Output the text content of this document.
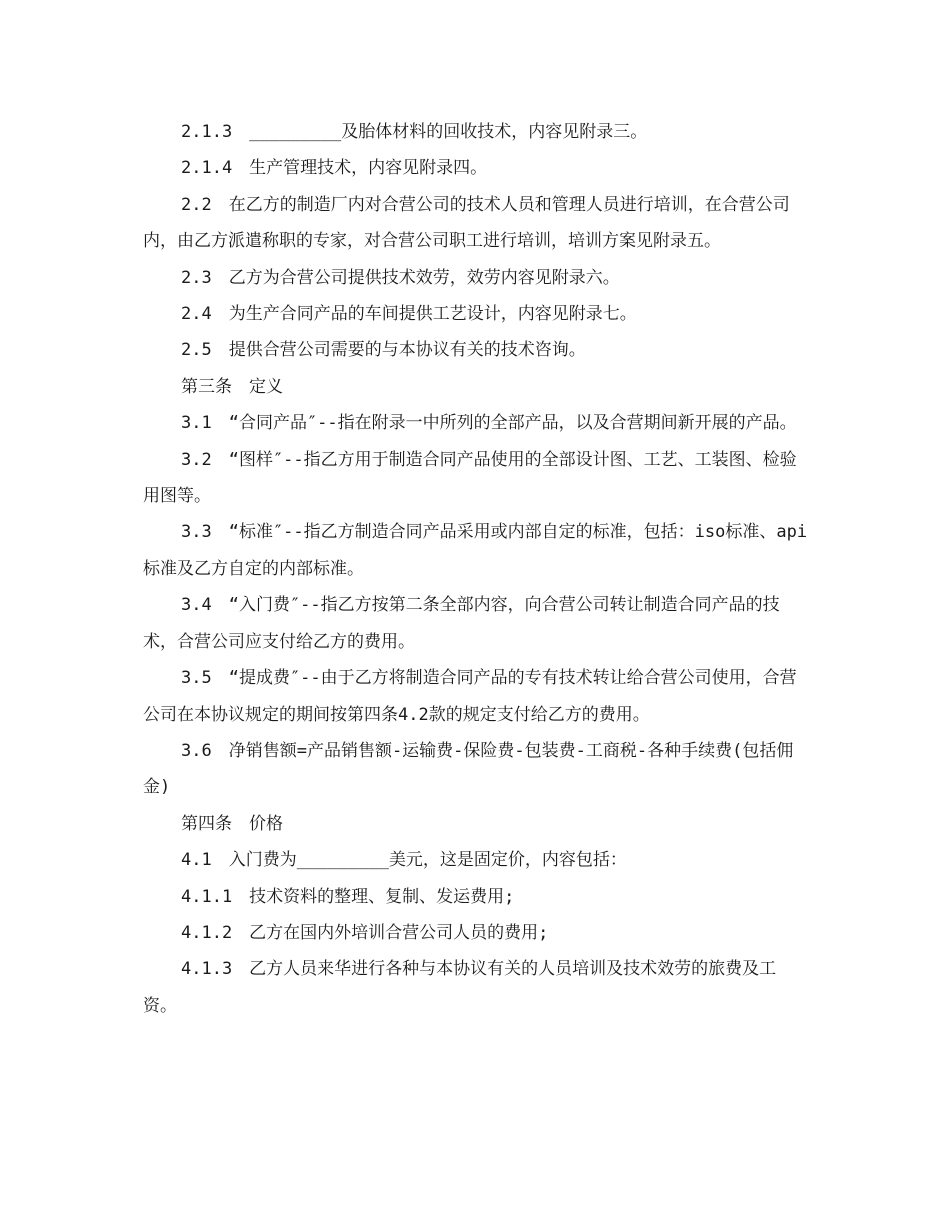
2.1.3　_________及胎体材料的回收技术，内容见附录三。

2.1.4　生产管理技术，内容见附录四。

2.2　在乙方的制造厂内对合营公司的技术人员和管理人员进行培训，在合营公司内，由乙方派遣称职的专家，对合营公司职工进行培训，培训方案见附录五。

2.3　乙方为合营公司提供技术效劳，效劳内容见附录六。

2.4　为生产合同产品的车间提供工艺设计，内容见附录七。

2.5　提供合营公司需要的与本协议有关的技术咨询。

第三条　定义

3.1　“合同产品″--指在附录一中所列的全部产品，以及合营期间新开展的产品。

3.2　“图样″--指乙方用于制造合同产品使用的全部设计图、工艺、工装图、检验用图等。

3.3　“标准″--指乙方制造合同产品采用或内部自定的标准，包括：iso标准、api标准及乙方自定的内部标准。

3.4　“入门费″--指乙方按第二条全部内容，向合营公司转让制造合同产品的技术，合营公司应支付给乙方的费用。

3.5　“提成费″--由于乙方将制造合同产品的专有技术转让给合营公司使用，合营公司在本协议规定的期间按第四条4.2款的规定支付给乙方的费用。

3.6　净销售额=产品销售额-运输费-保险费-包装费-工商税-各种手续费(包括佣金)

第四条　价格

4.1　入门费为_________美元，这是固定价，内容包括：

4.1.1　技术资料的整理、复制、发运费用;

4.1.2　乙方在国内外培训合营公司人员的费用;

4.1.3　乙方人员来华进行各种与本协议有关的人员培训及技术效劳的旅费及工资。
